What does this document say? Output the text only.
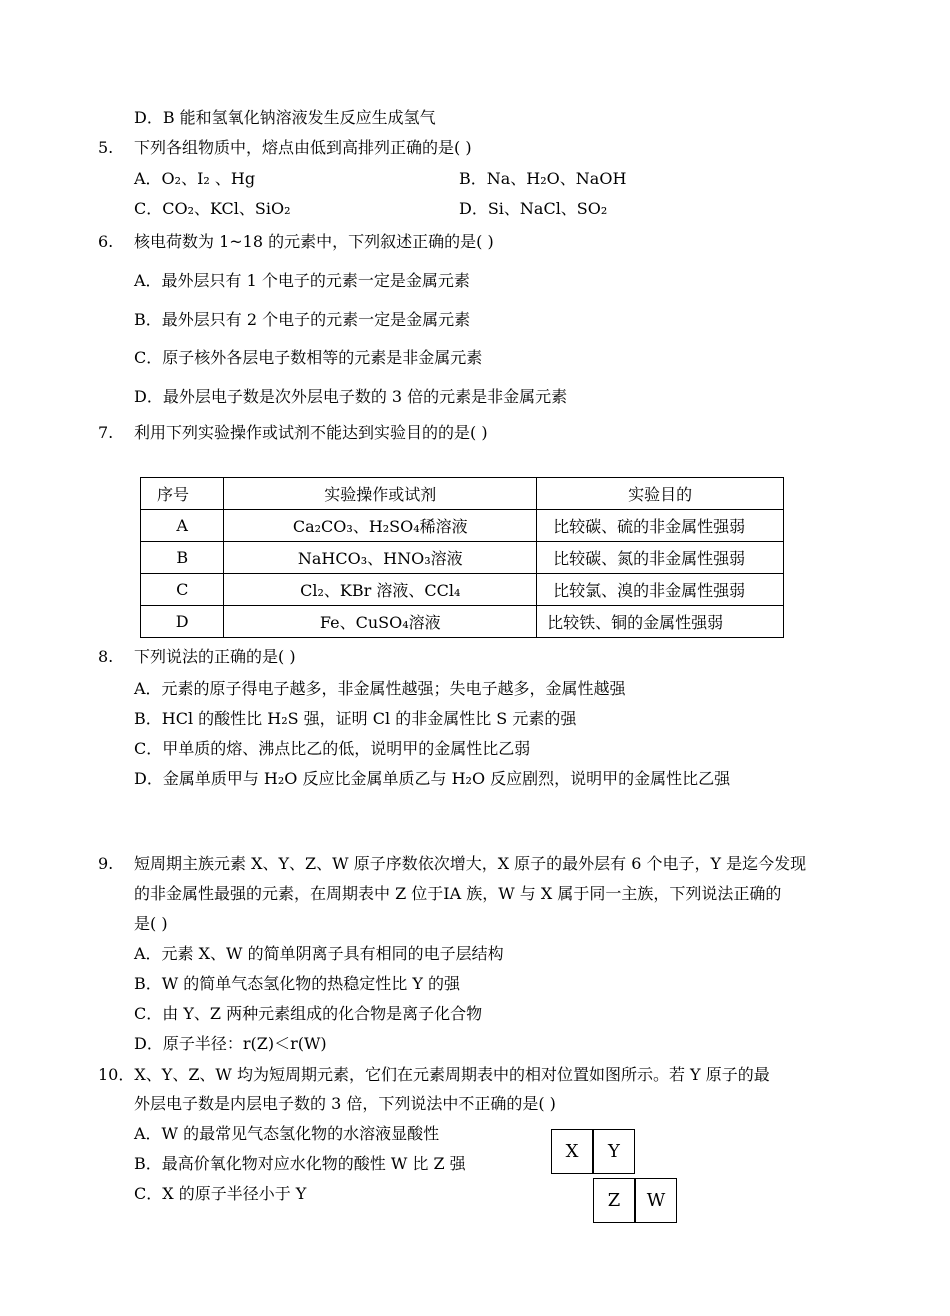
D．B 能和氢氧化钠溶液发生反应生成氢气
5. 下列各组物质中，熔点由低到高排列正确的是( )
A．O₂、I₂ 、Hg	B．Na、H₂O、NaOH
C．CO₂、KCl、SiO₂	D．Si、NaCl、SO₂
6. 核电荷数为 1~18 的元素中，下列叙述正确的是( )
A．最外层只有 1 个电子的元素一定是金属元素
B．最外层只有 2 个电子的元素一定是金属元素
C．原子核外各层电子数相等的元素是非金属元素
D．最外层电子数是次外层电子数的 3 倍的元素是非金属元素
7. 利用下列实验操作或试剂不能达到实验目的的是( )
序号	实验操作或试剂	实验目的
A	Ca₂CO₃、H₂SO₄稀溶液	比较碳、硫的非金属性强弱
B	NaHCO₃、HNO₃溶液	比较碳、氮的非金属性强弱
C	Cl₂、KBr 溶液、CCl₄	比较氯、溴的非金属性强弱
D	Fe、CuSO₄溶液	比较铁、铜的金属性强弱
8. 下列说法的正确的是( )
A．元素的原子得电子越多，非金属性越强；失电子越多，金属性越强
B．HCl 的酸性比 H₂S 强，证明 Cl 的非金属性比 S 元素的强
C．甲单质的熔、沸点比乙的低，说明甲的金属性比乙弱
D．金属单质甲与 H₂O 反应比金属单质乙与 H₂O 反应剧烈，说明甲的金属性比乙强
9. 短周期主族元素 X、Y、Z、W 原子序数依次增大，X 原子的最外层有 6 个电子，Y 是迄今发现
的非金属性最强的元素，在周期表中 Z 位于ⅠA 族，W 与 X 属于同一主族，下列说法正确的
是( )
A．元素 X、W 的简单阴离子具有相同的电子层结构
B．W 的简单气态氢化物的热稳定性比 Y 的强
C．由 Y、Z 两种元素组成的化合物是离子化合物
D．原子半径：r(Z)＜r(W)
10．X、Y、Z、W 均为短周期元素，它们在元素周期表中的相对位置如图所示。若 Y 原子的最
外层电子数是内层电子数的 3 倍，下列说法中不正确的是( )
A．W 的最常见气态氢化物的水溶液显酸性
B．最高价氧化物对应水化物的酸性 W 比 Z 强
C．X 的原子半径小于 Y
X	Y
Z	W
